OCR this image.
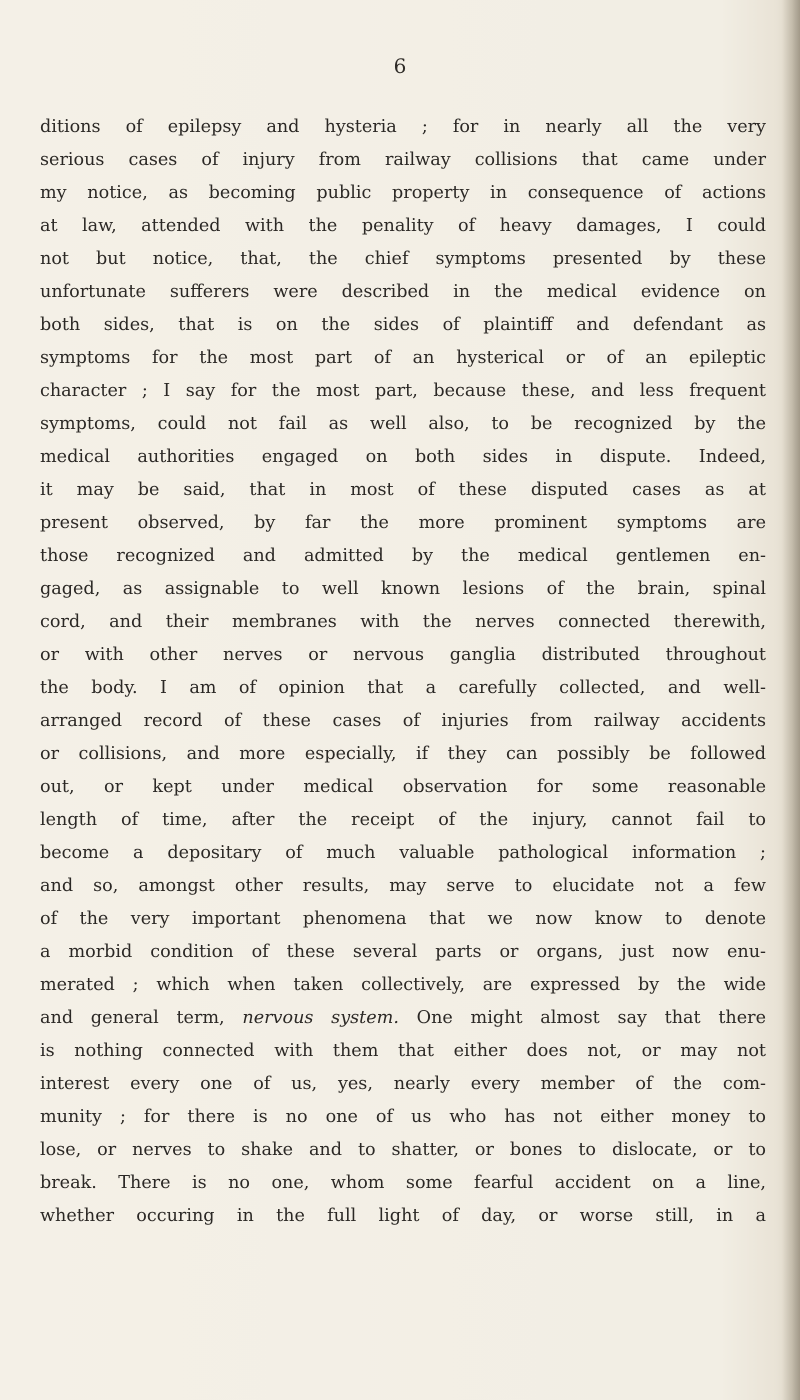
6
ditions of epilepsy and hysteria ; for in nearly all the very
serious cases of injury from railway collisions that came under
my notice, as becoming public property in consequence of actions
at law, attended with the penality of heavy damages, I could
not but notice, that, the chief symptoms presented by these
unfortunate sufferers were described in the medical evidence on
both sides, that is on the sides of plaintiff and defendant as
symptoms for the most part of an hysterical or of an epileptic
character ; I say for the most part, because these, and less frequent
symptoms, could not fail as well also, to be recognized by the
medical authorities engaged on both sides in dispute. Indeed,
it may be said, that in most of these disputed cases as at
present observed, by far the more prominent symptoms are
those recognized and admitted by the medical gentlemen en-
gaged, as assignable to well known lesions of the brain, spinal
cord, and their membranes with the nerves connected therewith,
or with other nerves or nervous ganglia distributed throughout
the body. I am of opinion that a carefully collected, and well-
arranged record of these cases of injuries from railway accidents
or collisions, and more especially, if they can possibly be followed
out, or kept under medical observation for some reasonable
length of time, after the receipt of the injury, cannot fail to
become a depositary of much valuable pathological information ;
and so, amongst other results, may serve to elucidate not a few
of the very important phenomena that we now know to denote
a morbid condition of these several parts or organs, just now enu-
merated ; which when taken collectively, are expressed by the wide
and general term, nervous system. One might almost say that there
is nothing connected with them that either does not, or may not
interest every one of us, yes, nearly every member of the com-
munity ; for there is no one of us who has not either money to
lose, or nerves to shake and to shatter, or bones to dislocate, or to
break. There is no one, whom some fearful accident on a line,
whether occuring in the full light of day, or worse still, in a
